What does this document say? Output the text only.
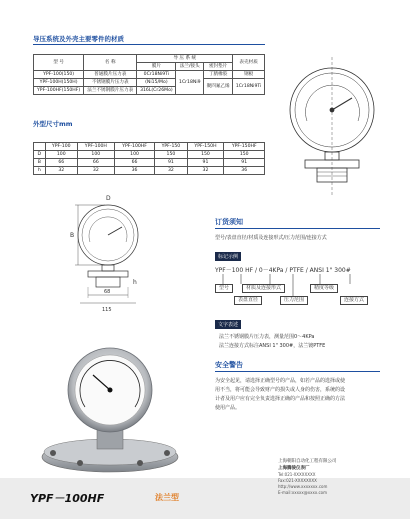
导压系统及外壳主要零件的材质
型 号	名 称	导 压 系 统			表壳材质
		膜片	法兰/接头	密封垫片	
YPF-100(150)	普通膜片压力表	0Cr18Ni9Ti	1Cr18Ni9	丁腈橡胶	钢板
YPF-100H(150H)	不锈钢膜片压力表	(Ni15/Mo)		聚四氟乙烯	1Cr18Ni9Ti
YPF-100HF(150HF)	法兰不锈钢膜片压力表	316L(Cr26Mo)			
外型尺寸mm
	YPF-100	YPF-100H	YPF-100HF	YPF-150	YPF-150H	YPF-150HF
D	100	100	100	150	150	150
B	66	66	66	91	91	91
h	32	32	36	32	32	36
D
B
h
68
115
订货须知
型号/表盘直径/材质及连接形式/压力范围/连接方式
标记示例
YPF－100 HF / 0－4KPa / PTFE / ANSI 1" 300#
型号	材质及连接形式	精度等级
连接方式
表盘直径	压力范围
文字表述
法兰不锈钢膜片压力表，测量范围0～4KPa
法兰连接方式标注ANSI 1" 300#，法兰镀PTFE
安全警告
为安全起见，请选择正确型号的产品，如若产品的选择或使
用不当，将可能会导致财产的损失或人身的伤害，系统的设
计者及用户应有完全负责选择正确的产品和按照正确的方法
使用产品。
YPF－100HF	法兰型
上海朝阳自动化工程有限公司
上海腾骏仪表厂
Tel:021-XXXXXXXX
Fax:021-XXXXXXXX
http://www.xxxxxxx.com
E-mail:xxxxx@xxxx.com
